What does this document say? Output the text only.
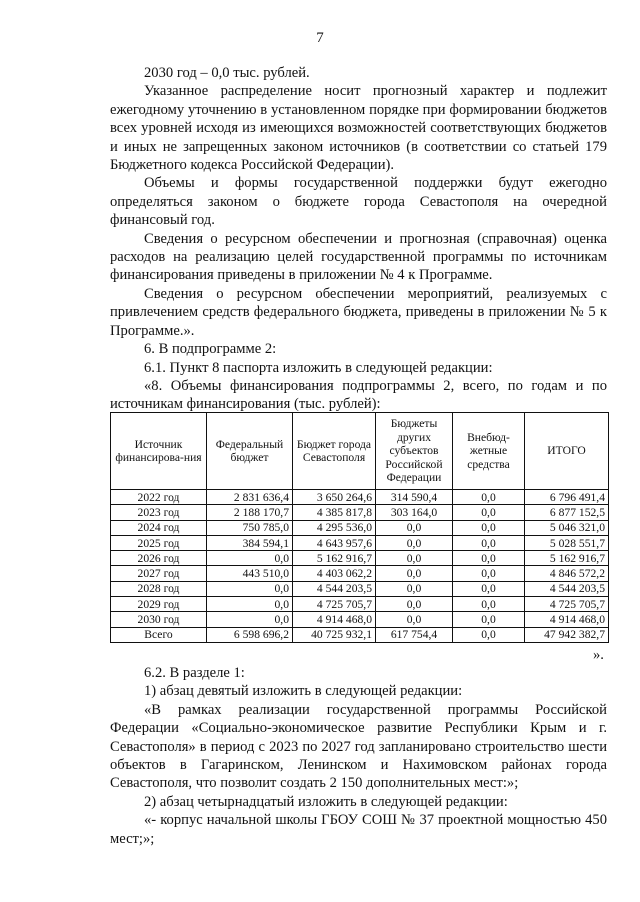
7

2030 год – 0,0 тыс. рублей.

Указанное распределение носит прогнозный характер и подлежит ежегодному уточнению в установленном порядке при формировании бюджетов всех уровней исходя из имеющихся возможностей соответствующих бюджетов и иных не запрещенных законом источников (в соответствии со статьей 179 Бюджетного кодекса Российской Федерации).

Объемы и формы государственной поддержки будут ежегодно определяться законом о бюджете города Севастополя на очередной финансовый год.

Сведения о ресурсном обеспечении и прогнозная (справочная) оценка расходов на реализацию целей государственной программы по источникам финансирования приведены в приложении № 4 к Программе.

Сведения о ресурсном обеспечении мероприятий, реализуемых с привлечением средств федерального бюджета, приведены в приложении № 5 к Программе.».

6. В подпрограмме 2:

6.1. Пункт 8 паспорта изложить в следующей редакции:

«8. Объемы финансирования подпрограммы 2, всего, по годам и по источникам финансирования (тыс. рублей):

Источник финансирова-ния	Федеральный бюджет	Бюджет города Севастополя	Бюджеты других субъектов Российской Федерации	Внебюд-жетные средства	ИТОГО
2022 год	2 831 636,4	3 650 264,6	314 590,4	0,0	6 796 491,4
2023 год	2 188 170,7	4 385 817,8	303 164,0	0,0	6 877 152,5
2024 год	750 785,0	4 295 536,0	0,0	0,0	5 046 321,0
2025 год	384 594,1	4 643 957,6	0,0	0,0	5 028 551,7
2026 год	0,0	5 162 916,7	0,0	0,0	5 162 916,7
2027 год	443 510,0	4 403 062,2	0,0	0,0	4 846 572,2
2028 год	0,0	4 544 203,5	0,0	0,0	4 544 203,5
2029 год	0,0	4 725 705,7	0,0	0,0	4 725 705,7
2030 год	0,0	4 914 468,0	0,0	0,0	4 914 468,0
Всего	6 598 696,2	40 725 932,1	617 754,4	0,0	47 942 382,7
».

6.2. В разделе 1:

1) абзац девятый изложить в следующей редакции:

«В рамках реализации государственной программы Российской Федерации «Социально-экономическое развитие Республики Крым и г. Севастополя» в период с 2023 по 2027 год запланировано строительство шести объектов в Гагаринском, Ленинском и Нахимовском районах города Севастополя, что позволит создать 2 150 дополнительных мест:»;

2) абзац четырнадцатый изложить в следующей редакции:

«- корпус начальной школы ГБОУ СОШ № 37 проектной мощностью 450 мест;»;
